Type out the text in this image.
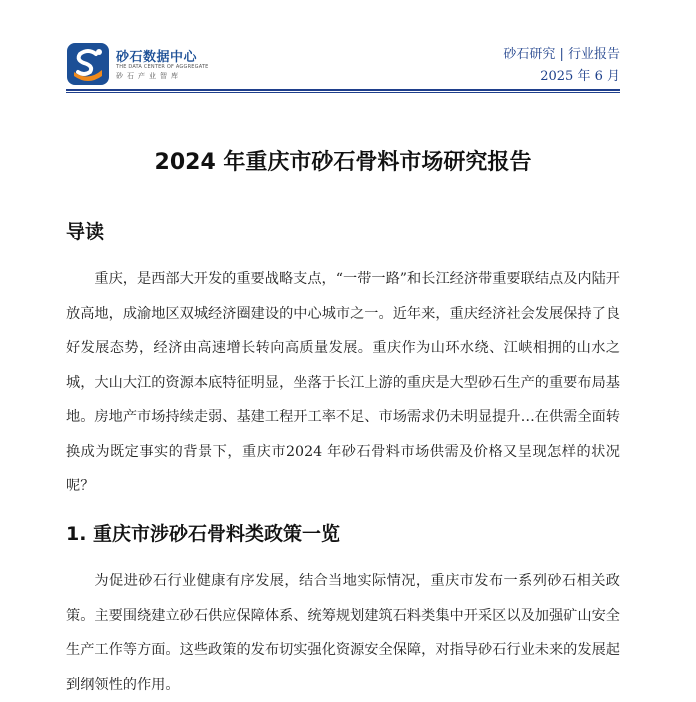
砂石数据中心
THE DATA CENTER OF AGGREGATE
砂石产业智库
砂石研究 | 行业报告
2025 年 6 月
2024 年重庆市砂石骨料市场研究报告
导读
重庆，是西部大开发的重要战略支点，“一带一路”和长江经济带重要联结点及内陆开放高地，成渝地区双城经济圈建设的中心城市之一。近年来，重庆经济社会发展保持了良好发展态势，经济由高速增长转向高质量发展。重庆作为山环水绕、江峡相拥的山水之城，大山大江的资源本底特征明显，坐落于长江上游的重庆是大型砂石生产的重要布局基地。房地产市场持续走弱、基建工程开工率不足、市场需求仍未明显提升…在供需全面转换成为既定事实的背景下，重庆市2024 年砂石骨料市场供需及价格又呈现怎样的状况呢？
1. 重庆市涉砂石骨料类政策一览
为促进砂石行业健康有序发展，结合当地实际情况，重庆市发布一系列砂石相关政策。主要围绕建立砂石供应保障体系、统筹规划建筑石料类集中开采区以及加强矿山安全生产工作等方面。这些政策的发布切实强化资源安全保障，对指导砂石行业未来的发展起到纲领性的作用。
